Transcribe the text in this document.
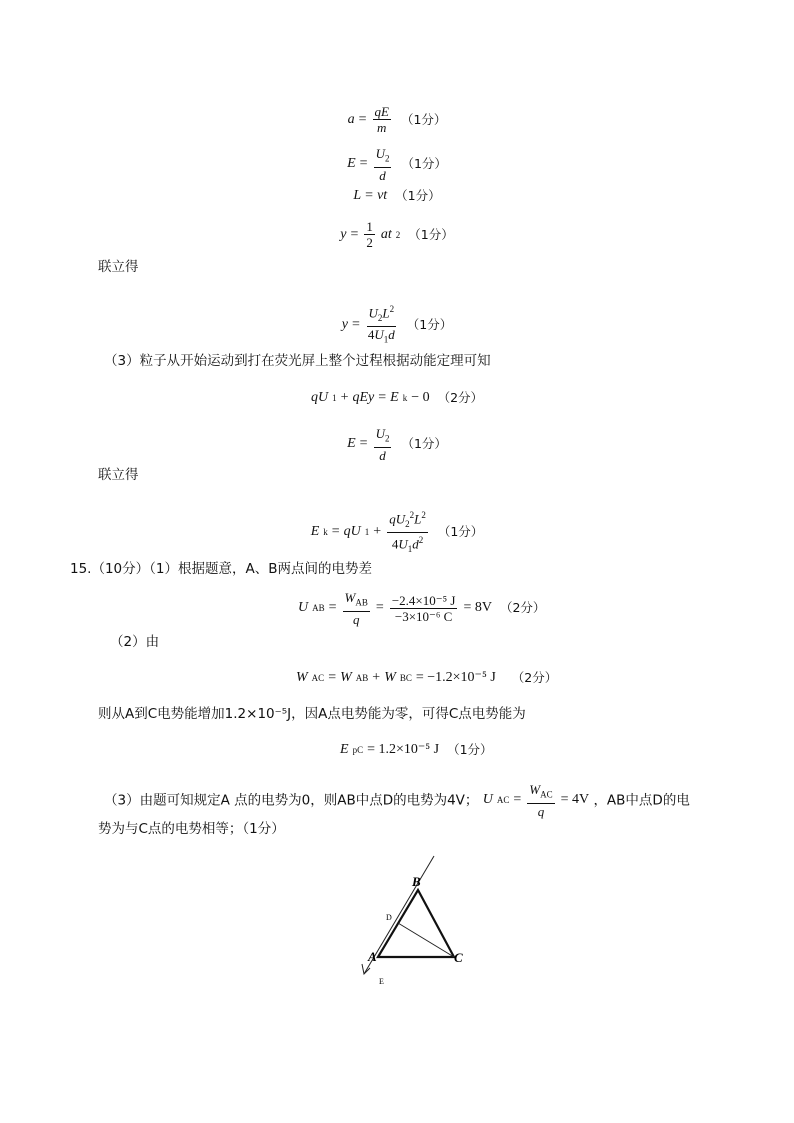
$a = \frac{qE}{m} (1$分）
$E = \frac{U_2}{d} (1$分）
L = vt （1分）
$y = \frac{1}{2}$ at 2 （1分）
联立得
$y = \frac{U_2L^2}{4U_1d} (1$分）
（3）粒子从开始运动到打在荧光屏上整个过程根据动能定理可知
qU 1 + qEy = E k − 0 （2分）
$E = \frac{U_2}{d} (1$分）
联立得
E k = qU $1 + \frac{qU_2^2L^2}{4U_1d^2} (1$分）
15.（10分）（1）根据题意，A、B两点间的电势差
U AB = $\frac{W_{AB}}{q} = \frac{\text{−2.4×10⁻⁵ J}}{\text{−3×10⁻⁶ C}} = 8V$ （2分）
（2）由
W AC = W AB + W BC = −1.2×10⁻⁵ J （2分）
则从A到C电势能增加1.2×10⁻⁵J，因A点电势能为零，可得C点电势能为
E pC = 1.2×10⁻⁵ J （1分）
（3）由题可知规定A 点的电势为0，则AB中点D的电势为4V； U AC = $\frac{W_{AC}}{q} = 4V$ ，AB中点D的电
势为与C点的电势相等；（1分）
B
D
A	C
E
